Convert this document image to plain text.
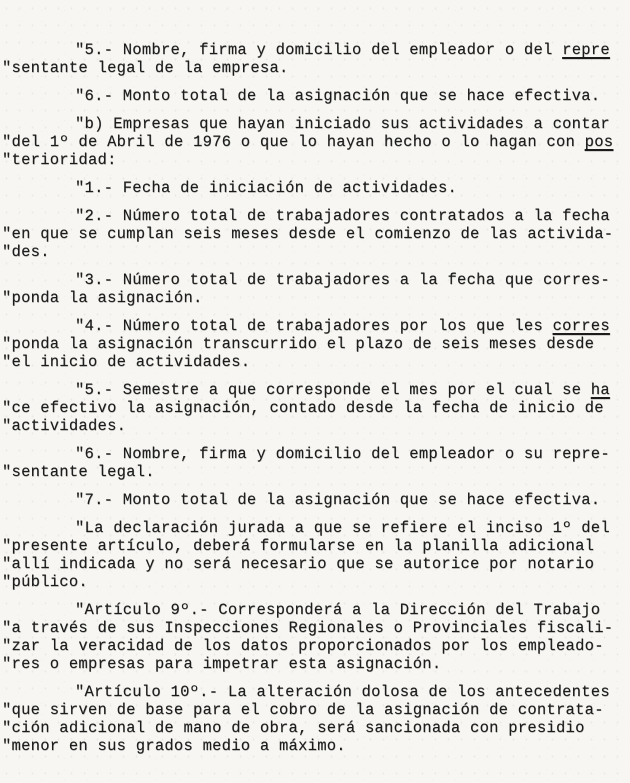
"5.- Nombre, firma y domicilio del empleador o del repre
"sentante legal de la empresa.
"6.- Monto total de la asignación que se hace efectiva.
"b) Empresas que hayan iniciado sus actividades a contar
"del 1º de Abril de 1976 o que lo hayan hecho o lo hagan con pos
"terioridad:
"1.- Fecha de iniciación de actividades.
"2.- Número total de trabajadores contratados a la fecha
"en que se cumplan seis meses desde el comienzo de las activida-
"des.
"3.- Número total de trabajadores a la fecha que corres-
"ponda la asignación.
"4.- Número total de trabajadores por los que les corres
"ponda la asignación transcurrido el plazo de seis meses desde
"el inicio de actividades.
"5.- Semestre a que corresponde el mes por el cual se ha
"ce efectivo la asignación, contado desde la fecha de inicio de
"actividades.
"6.- Nombre, firma y domicilio del empleador o su repre-
"sentante legal.
"7.- Monto total de la asignación que se hace efectiva.
"La declaración jurada a que se refiere el inciso 1º del
"presente artículo, deberá formularse en la planilla adicional
"allí indicada y no será necesario que se autorice por notario
"público.
"Artículo 9º.- Corresponderá a la Dirección del Trabajo
"a través de sus Inspecciones Regionales o Provinciales fiscali-
"zar la veracidad de los datos proporcionados por los empleado-
"res o empresas para impetrar esta asignación.
"Artículo 10º.- La alteración dolosa de los antecedentes
"que sirven de base para el cobro de la asignación de contrata-
"ción adicional de mano de obra, será sancionada con presidio
"menor en sus grados medio a máximo.
